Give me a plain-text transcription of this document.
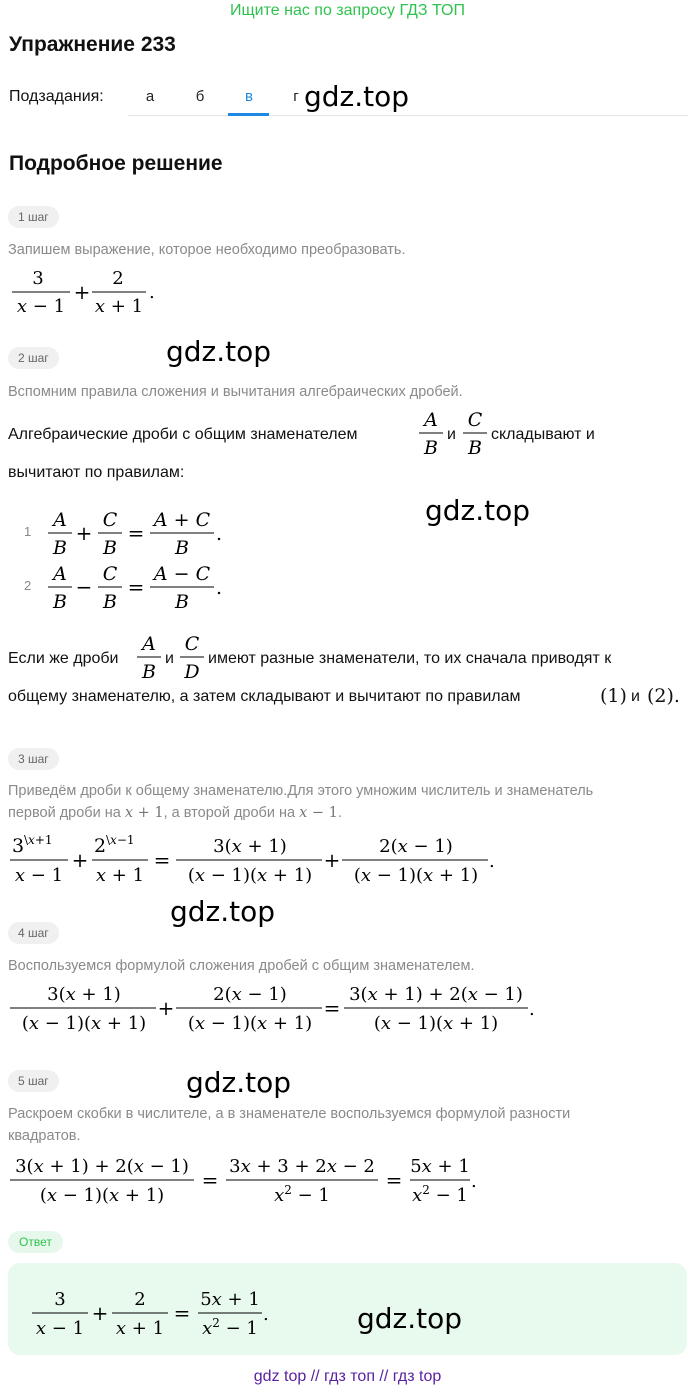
Ищите нас по запросу ГДЗ ТОП
Упражнение 233
Подзадания:	а	б	в	г gdz.top
Подробное решение
1 шаг
Запишем выражение, которое необходимо преобразовать.
3
x − 1
+
2
x + 1
.
2 шаг	gdz.top
Вспомним правила сложения и вычитания алгебраических дробей.
Алгебраические дроби с общим знаменателем
A
B
и
C
B
складывают и
вычитают по правилам:
gdz.top
1
A
B
+
C
B
=
A + C
B
.
2
A
B
−
C
B
=
A − C
B
.
Если же дроби
A
B
и
C
D
имеют разные знаменатели, то их сначала приводят к
общему знаменателю, а затем складывают и вычитают по правилам	(1) и (2).
3 шаг
Приведём дроби к общему знаменателю.Для этого умножим числитель и знаменатель
первой дроби на x + 1, а второй дроби на x − 1.
3 \x+1
x − 1
+
2 \x−1
x + 1
=
3(x + 1)
(x − 1)(x + 1)
+
2(x − 1)
(x − 1)(x + 1)
.
gdz.top
4 шаг
Воспользуемся формулой сложения дробей с общим знаменателем.
3(x + 1)
(x − 1)(x + 1)
+
2(x − 1)
(x − 1)(x + 1)
=
3(x + 1) + 2(x − 1)
(x − 1)(x + 1)
.
5 шаг	gdz.top
Раскроем скобки в числителе, а в знаменателе воспользуемся формулой разности
квадратов.
3(x + 1) + 2(x − 1)
(x − 1)(x + 1)
=
3x + 3 + 2x − 2
$x^2 - 1$
=
5x + 1
$x^2 - 1$
.
Ответ
3
x − 1
+
2
x + 1
=
5x + 1
$x^2 - 1$
.	gdz.top
gdz top // гдз топ // гдз top
